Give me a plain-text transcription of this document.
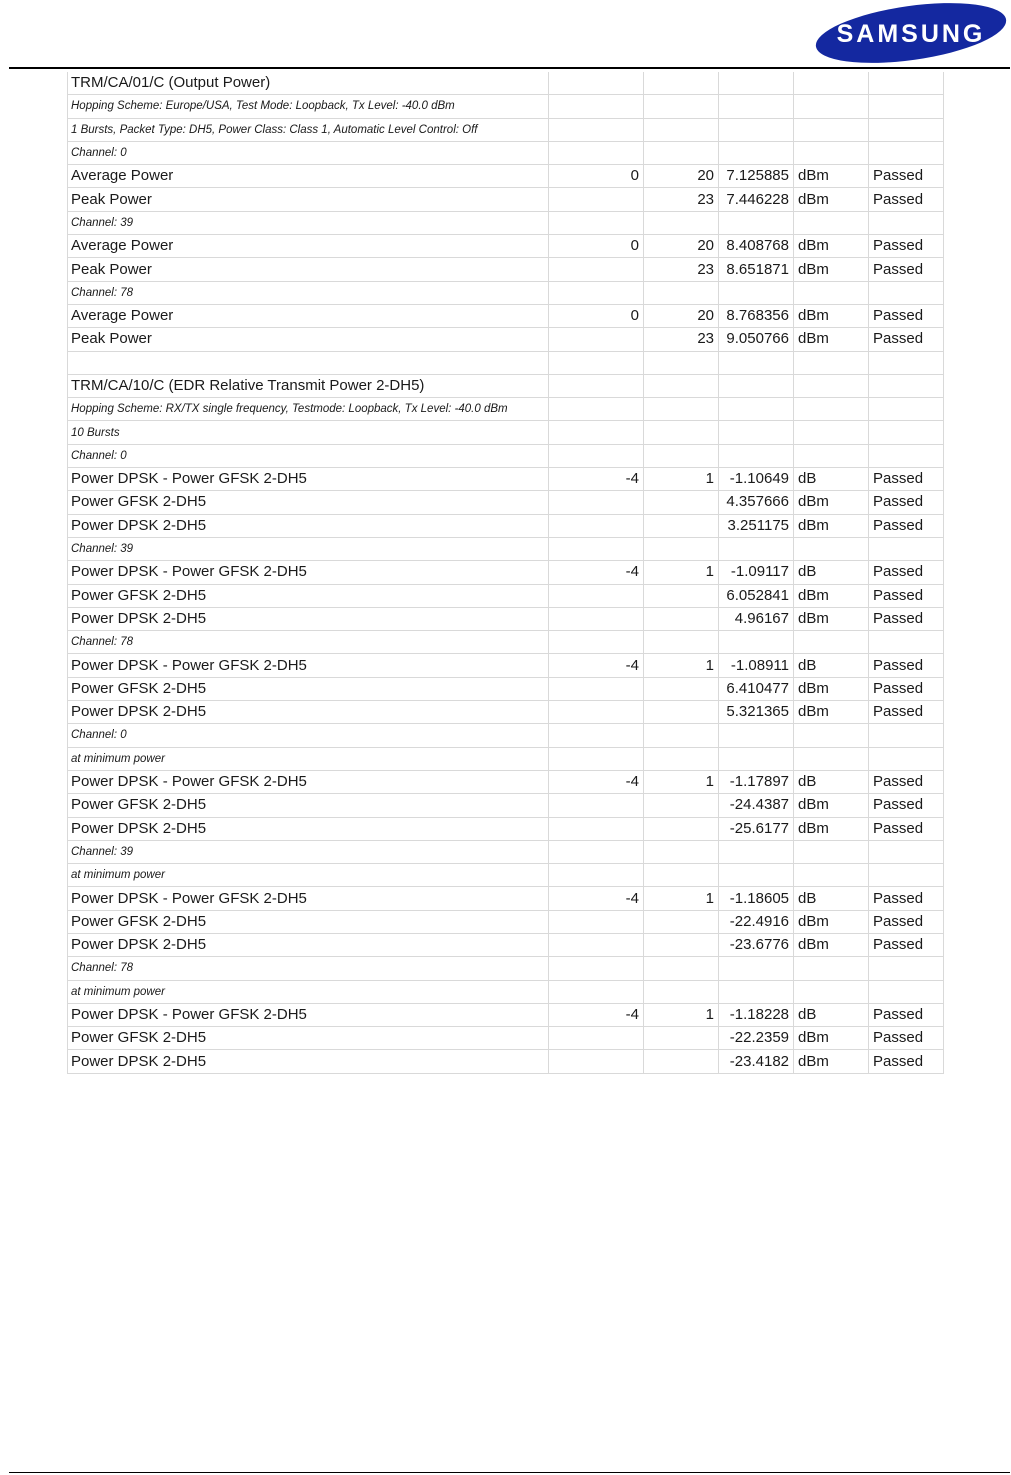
SAMSUNG
TRM/CA/01/C (Output Power)					
Hopping Scheme: Europe/USA, Test Mode: Loopback, Tx Level: -40.0 dBm					
1 Bursts, Packet Type: DH5, Power Class: Class 1, Automatic Level Control: Off					
Channel: 0					
Average Power	0	20	7.125885	dBm	Passed
Peak Power		23	7.446228	dBm	Passed
Channel: 39					
Average Power	0	20	8.408768	dBm	Passed
Peak Power		23	8.651871	dBm	Passed
Channel: 78					
Average Power	0	20	8.768356	dBm	Passed
Peak Power		23	9.050766	dBm	Passed

TRM/CA/10/C (EDR Relative Transmit Power 2-DH5)					
Hopping Scheme: RX/TX single frequency, Testmode: Loopback, Tx Level: -40.0 dBm					
10 Bursts					
Channel: 0					
Power DPSK - Power GFSK 2-DH5	-4	1	-1.10649	dB	Passed
Power GFSK 2-DH5			4.357666	dBm	Passed
Power DPSK 2-DH5			3.251175	dBm	Passed
Channel: 39					
Power DPSK - Power GFSK 2-DH5	-4	1	-1.09117	dB	Passed
Power GFSK 2-DH5			6.052841	dBm	Passed
Power DPSK 2-DH5			4.96167	dBm	Passed
Channel: 78					
Power DPSK - Power GFSK 2-DH5	-4	1	-1.08911	dB	Passed
Power GFSK 2-DH5			6.410477	dBm	Passed
Power DPSK 2-DH5			5.321365	dBm	Passed
Channel: 0					
at minimum power					
Power DPSK - Power GFSK 2-DH5	-4	1	-1.17897	dB	Passed
Power GFSK 2-DH5			-24.4387	dBm	Passed
Power DPSK 2-DH5			-25.6177	dBm	Passed
Channel: 39					
at minimum power					
Power DPSK - Power GFSK 2-DH5	-4	1	-1.18605	dB	Passed
Power GFSK 2-DH5			-22.4916	dBm	Passed
Power DPSK 2-DH5			-23.6776	dBm	Passed
Channel: 78					
at minimum power					
Power DPSK - Power GFSK 2-DH5	-4	1	-1.18228	dB	Passed
Power GFSK 2-DH5			-22.2359	dBm	Passed
Power DPSK 2-DH5			-23.4182	dBm	Passed
